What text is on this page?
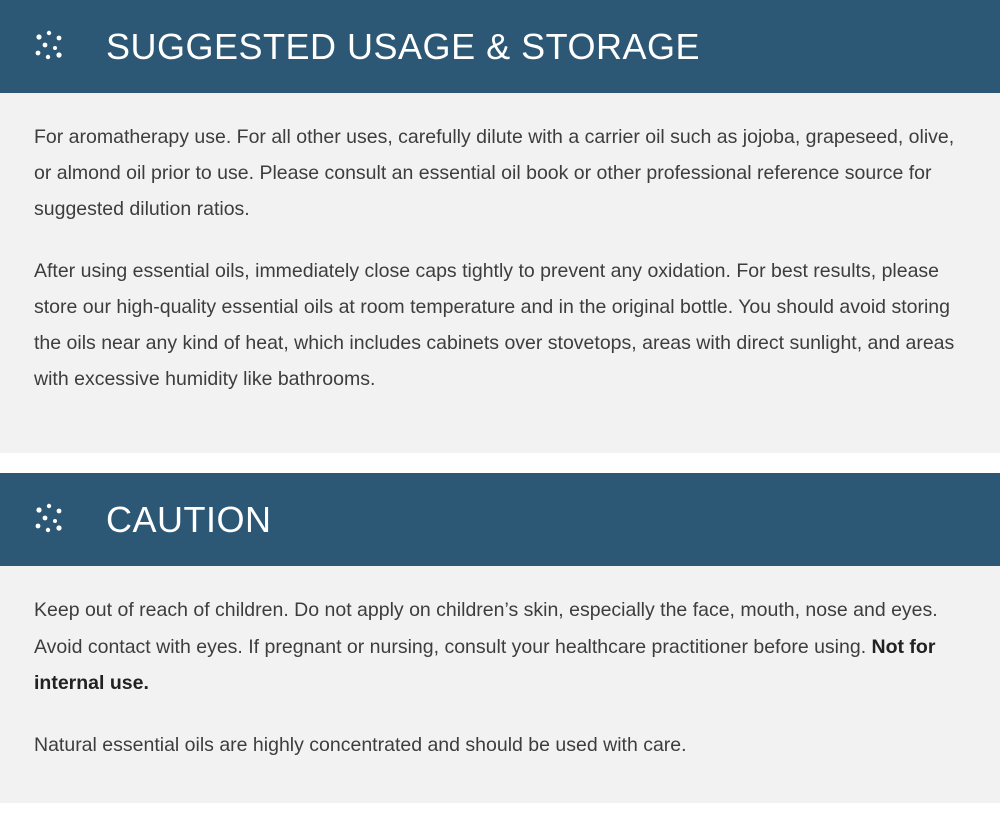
SUGGESTED USAGE & STORAGE

For aromatherapy use. For all other uses, carefully dilute with a carrier oil such as jojoba, grapeseed, olive, or almond oil prior to use. Please consult an essential oil book or other professional reference source for suggested dilution ratios.

After using essential oils, immediately close caps tightly to prevent any oxidation. For best results, please store our high-quality essential oils at room temperature and in the original bottle. You should avoid storing the oils near any kind of heat, which includes cabinets over stovetops, areas with direct sunlight, and areas with excessive humidity like bathrooms.

CAUTION

Keep out of reach of children. Do not apply on children’s skin, especially the face, mouth, nose and eyes. Avoid contact with eyes. If pregnant or nursing, consult your healthcare practitioner before using. Not for internal use.

Natural essential oils are highly concentrated and should be used with care.
